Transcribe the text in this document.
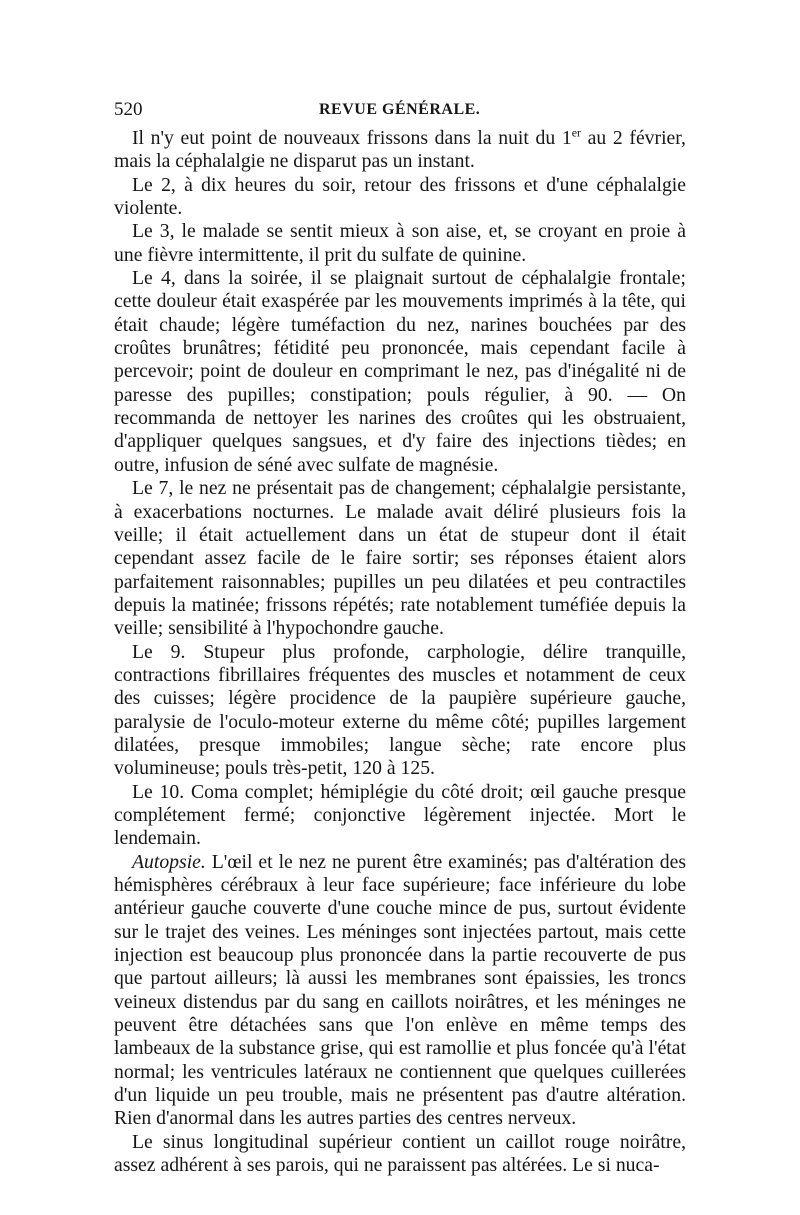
520	REVUE GÉNÉRALE.

Il n'y eut point de nouveaux frissons dans la nuit du 1er au 2 février, mais la céphalalgie ne disparut pas un instant.

Le 2, à dix heures du soir, retour des frissons et d'une céphalalgie violente.

Le 3, le malade se sentit mieux à son aise, et, se croyant en proie à une fièvre intermittente, il prit du sulfate de quinine.

Le 4, dans la soirée, il se plaignait surtout de céphalalgie frontale; cette douleur était exaspérée par les mouvements imprimés à la tête, qui était chaude; légère tuméfaction du nez, narines bouchées par des croûtes brunâtres; fétidité peu prononcée, mais cependant facile à percevoir; point de douleur en comprimant le nez, pas d'inégalité ni de paresse des pupilles; constipation; pouls régulier, à 90. — On recommanda de nettoyer les narines des croûtes qui les obstruaient, d'appliquer quelques sangsues, et d'y faire des injections tièdes; en outre, infusion de séné avec sulfate de magnésie.

Le 7, le nez ne présentait pas de changement; céphalalgie persistante, à exacerbations nocturnes. Le malade avait déliré plusieurs fois la veille; il était actuellement dans un état de stupeur dont il était cependant assez facile de le faire sortir; ses réponses étaient alors parfaitement raisonnables; pupilles un peu dilatées et peu contractiles depuis la matinée; frissons répétés; rate notablement tuméfiée depuis la veille; sensibilité à l'hypochondre gauche.

Le 9. Stupeur plus profonde, carphologie, délire tranquille, contractions fibrillaires fréquentes des muscles et notamment de ceux des cuisses; légère procidence de la paupière supérieure gauche, paralysie de l'oculo-moteur externe du même côté; pupilles largement dilatées, presque immobiles; langue sèche; rate encore plus volumineuse; pouls très-petit, 120 à 125.

Le 10. Coma complet; hémiplégie du côté droit; œil gauche presque complétement fermé; conjonctive légèrement injectée. Mort le lendemain.

Autopsie. L'œil et le nez ne purent être examinés; pas d'altération des hémisphères cérébraux à leur face supérieure; face inférieure du lobe antérieur gauche couverte d'une couche mince de pus, surtout évidente sur le trajet des veines. Les méninges sont injectées partout, mais cette injection est beaucoup plus prononcée dans la partie recouverte de pus que partout ailleurs; là aussi les membranes sont épaissies, les troncs veineux distendus par du sang en caillots noirâtres, et les méninges ne peuvent être détachées sans que l'on enlève en même temps des lambeaux de la substance grise, qui est ramollie et plus foncée qu'à l'état normal; les ventricules latéraux ne contiennent que quelques cuillerées d'un liquide un peu trouble, mais ne présentent pas d'autre altération. Rien d'anormal dans les autres parties des centres nerveux.

Le sinus longitudinal supérieur contient un caillot rouge noirâtre, assez adhérent à ses parois, qui ne paraissent pas altérées. Le si nuca-
